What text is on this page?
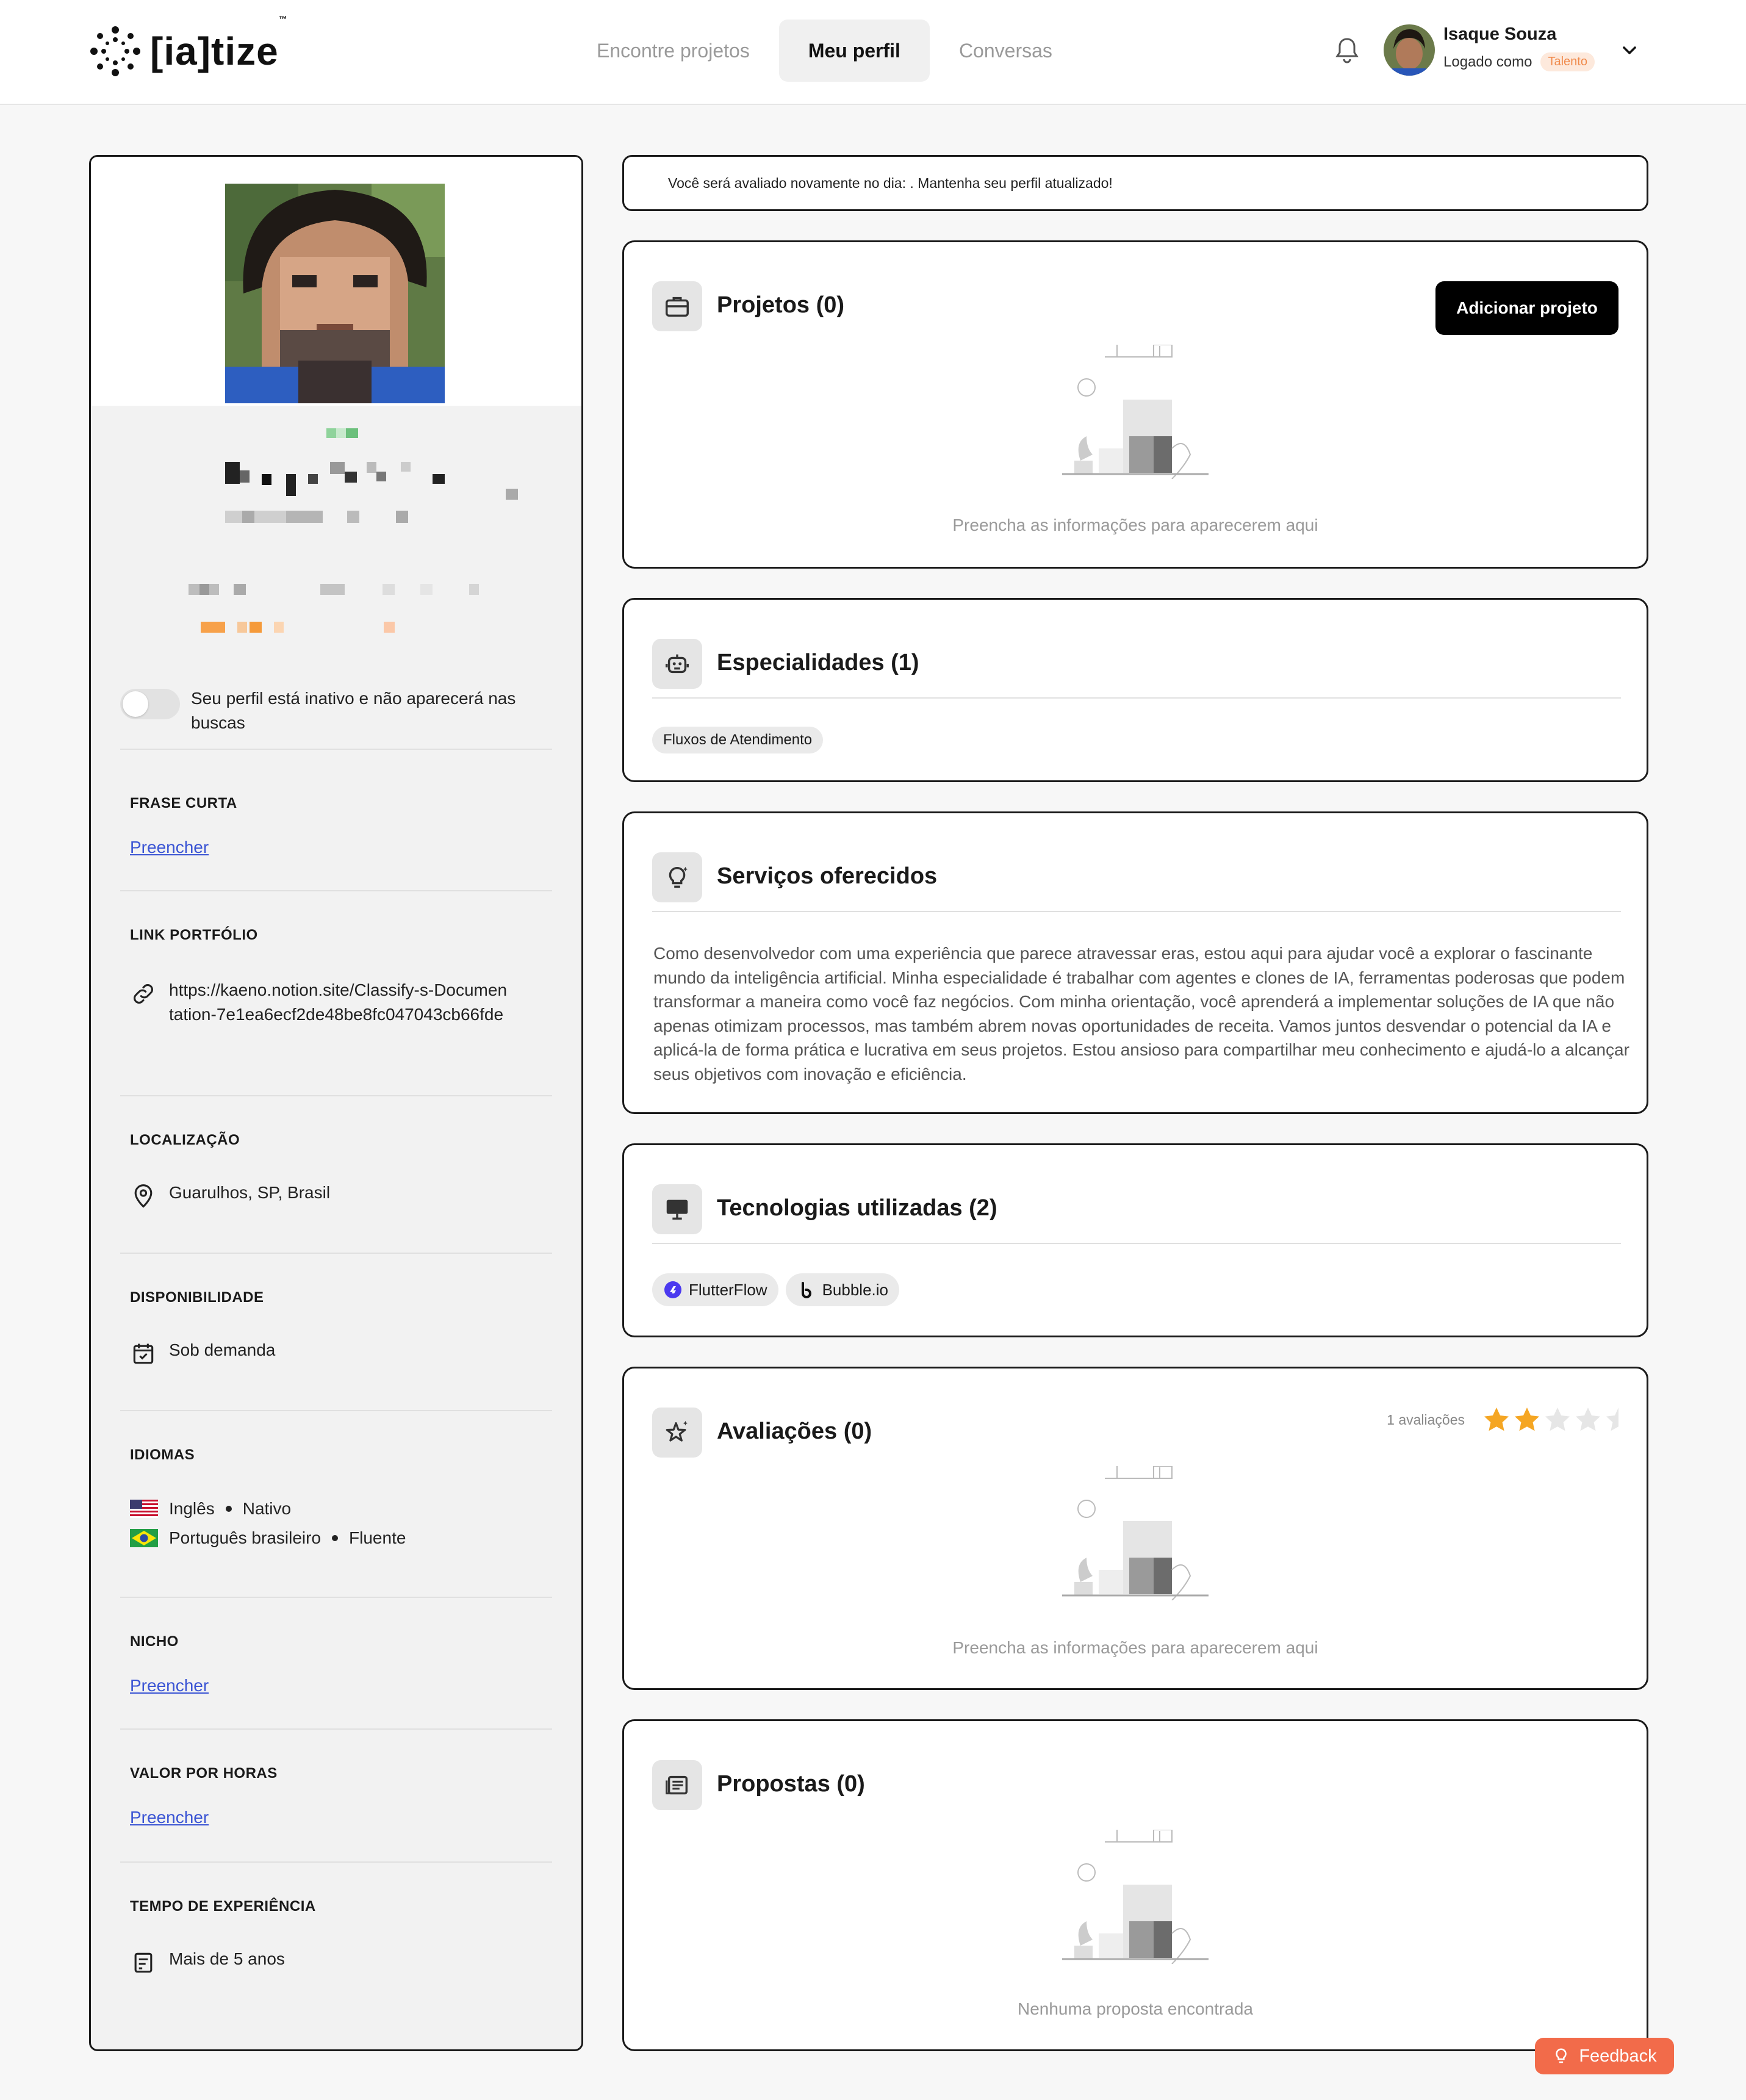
[ia]tize™
Encontre projetos	Meu perfil	Conversas
Isaque Souza
Logado como	Talento
Seu perfil está inativo e não aparecerá nas buscas
FRASE CURTA
Preencher
LINK PORTFÓLIO
https://kaeno.notion.site/Classify-s-Documentation-7e1ea6ecf2de48be8fc047043cb66fde
LOCALIZAÇÃO
Guarulhos, SP, Brasil
DISPONIBILIDADE
Sob demanda
IDIOMAS
Inglês Nativo
Português brasileiro Fluente
NICHO
Preencher
VALOR POR HORAS
Preencher
TEMPO DE EXPERIÊNCIA
Mais de 5 anos
Você será avaliado novamente no dia: . Mantenha seu perfil atualizado!
Projetos (0)	Adicionar projeto
Preencha as informações para aparecerem aqui
Especialidades (1)
Fluxos de Atendimento
Serviços oferecidos
Como desenvolvedor com uma experiência que parece atravessar eras, estou aqui para ajudar você a explorar o fascinante mundo da inteligência artificial. Minha especialidade é trabalhar com agentes e clones de IA, ferramentas poderosas que podem transformar a maneira como você faz negócios. Com minha orientação, você aprenderá a implementar soluções de IA que não apenas otimizam processos, mas também abrem novas oportunidades de receita. Vamos juntos desvendar o potencial da IA e aplicá-la de forma prática e lucrativa em seus projetos. Estou ansioso para compartilhar meu conhecimento e ajudá-lo a alcançar seus objetivos com inovação e eficiência.
Tecnologias utilizadas (2)
FlutterFlow	Bubble.io
Avaliações (0)	1 avaliações
Preencha as informações para aparecerem aqui
Propostas (0)
Nenhuma proposta encontrada
Feedback
